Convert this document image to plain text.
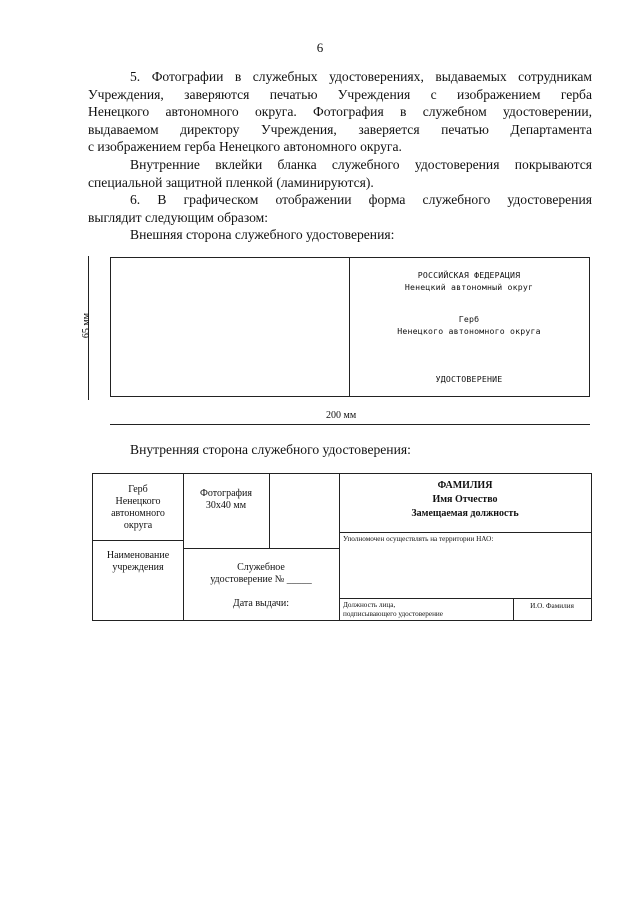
6

5. Фотографии в служебных удостоверениях, выдаваемых сотрудникам

Учреждения, заверяются печатью Учреждения с изображением герба

Ненецкого автономного округа. Фотография в служебном удостоверении,

выдаваемом директору Учреждения, заверяется печатью Департамента

с изображением герба Ненецкого автономного округа.

Внутренние вклейки бланка служебного удостоверения покрываются

специальной защитной пленкой (ламинируются).

6. В графическом отображении форма служебного удостоверения

выглядит следующим образом:

Внешняя сторона служебного удостоверения:

65 мм
РОССИЙСКАЯ ФЕДЕРАЦИЯ
Ненецкий автономный округ
Герб
Ненецкого автономного округа
УДОСТОВЕРЕНИЕ
200 мм

Внутренняя сторона служебного удостоверения:

Герб
Ненецкого
автономного
округа
Наименование
учреждения
Фотография
30х40 мм
Служебное
удостоверение № _____
Дата выдачи:
ФАМИЛИЯ
Имя Отчество
Замещаемая должность
Уполномочен осуществлять на территории НАО:
Должность лица,
подписывающего удостоверение
И.О. Фамилия
